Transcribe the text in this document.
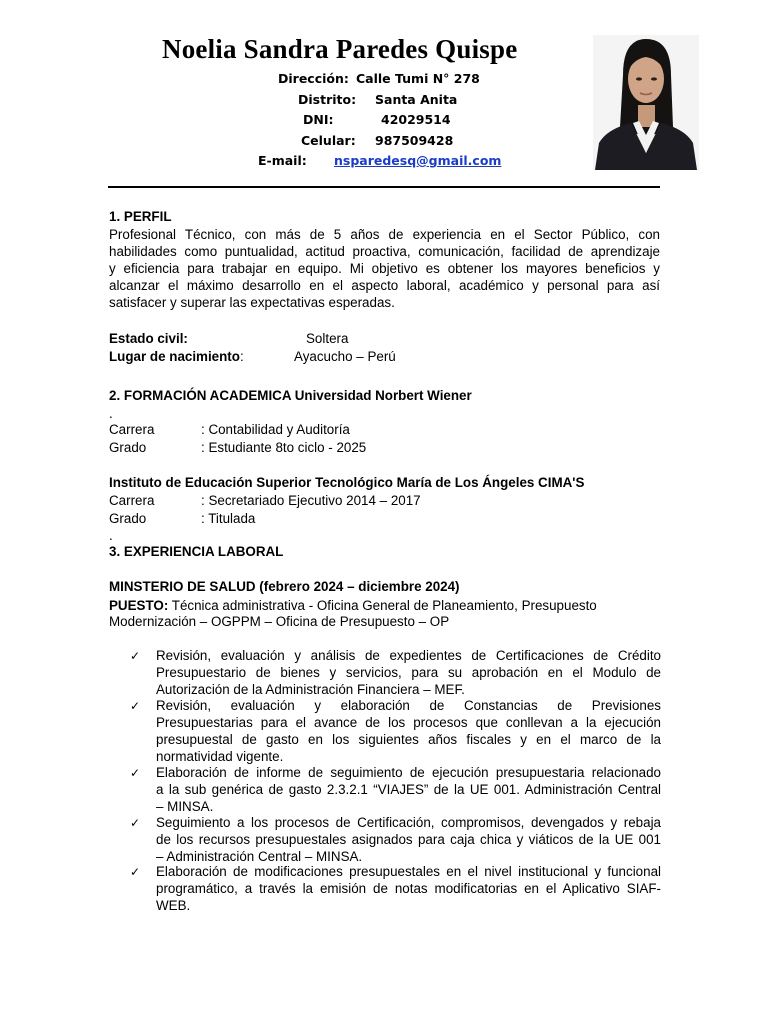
Noelia Sandra Paredes Quispe
Dirección: Calle Tumi N° 278
Distrito: Santa Anita
DNI:	42029514
Celular: 987509428
E-mail: nsparedesq@gmail.com
1. PERFIL
Profesional Técnico, con más de 5 años de experiencia en el Sector Público, con
habilidades como puntualidad, actitud proactiva, comunicación, facilidad de aprendizaje
y eficiencia para trabajar en equipo. Mi objetivo es obtener los mayores beneficios y
alcanzar el máximo desarrollo en el aspecto laboral, académico y personal para así
satisfacer y superar las expectativas esperadas.
Estado civil:	Soltera
Lugar de nacimiento:	Ayacucho – Perú
2. FORMACIÓN ACADEMICA Universidad Norbert Wiener
.
Carrera	: Contabilidad y Auditoría
Grado	: Estudiante 8to ciclo - 2025
Instituto de Educación Superior Tecnológico María de Los Ángeles CIMA'S
Carrera	: Secretariado Ejecutivo 2014 – 2017
Grado	: Titulada
.
3. EXPERIENCIA LABORAL
MINSTERIO DE SALUD (febrero 2024 – diciembre 2024)
PUESTO: Técnica administrativa - Oficina General de Planeamiento, Presupuesto
Modernización – OGPPM – Oficina de Presupuesto – OP
✓ Revisión, evaluación y análisis de expedientes de Certificaciones de Crédito
Presupuestario de bienes y servicios, para su aprobación en el Modulo de
Autorización de la Administración Financiera – MEF.
✓ Revisión, evaluación y elaboración de Constancias de Previsiones
Presupuestarias para el avance de los procesos que conllevan a la ejecución
presupuestal de gasto en los siguientes años fiscales y en el marco de la
normatividad vigente.
✓ Elaboración de informe de seguimiento de ejecución presupuestaria relacionado
a la sub genérica de gasto 2.3.2.1 “VIAJES” de la UE 001. Administración Central
– MINSA.
✓ Seguimiento a los procesos de Certificación, compromisos, devengados y rebaja
de los recursos presupuestales asignados para caja chica y viáticos de la UE 001
– Administración Central – MINSA.
✓ Elaboración de modificaciones presupuestales en el nivel institucional y funcional
programático, a través la emisión de notas modificatorias en el Aplicativo SIAF-
WEB.
